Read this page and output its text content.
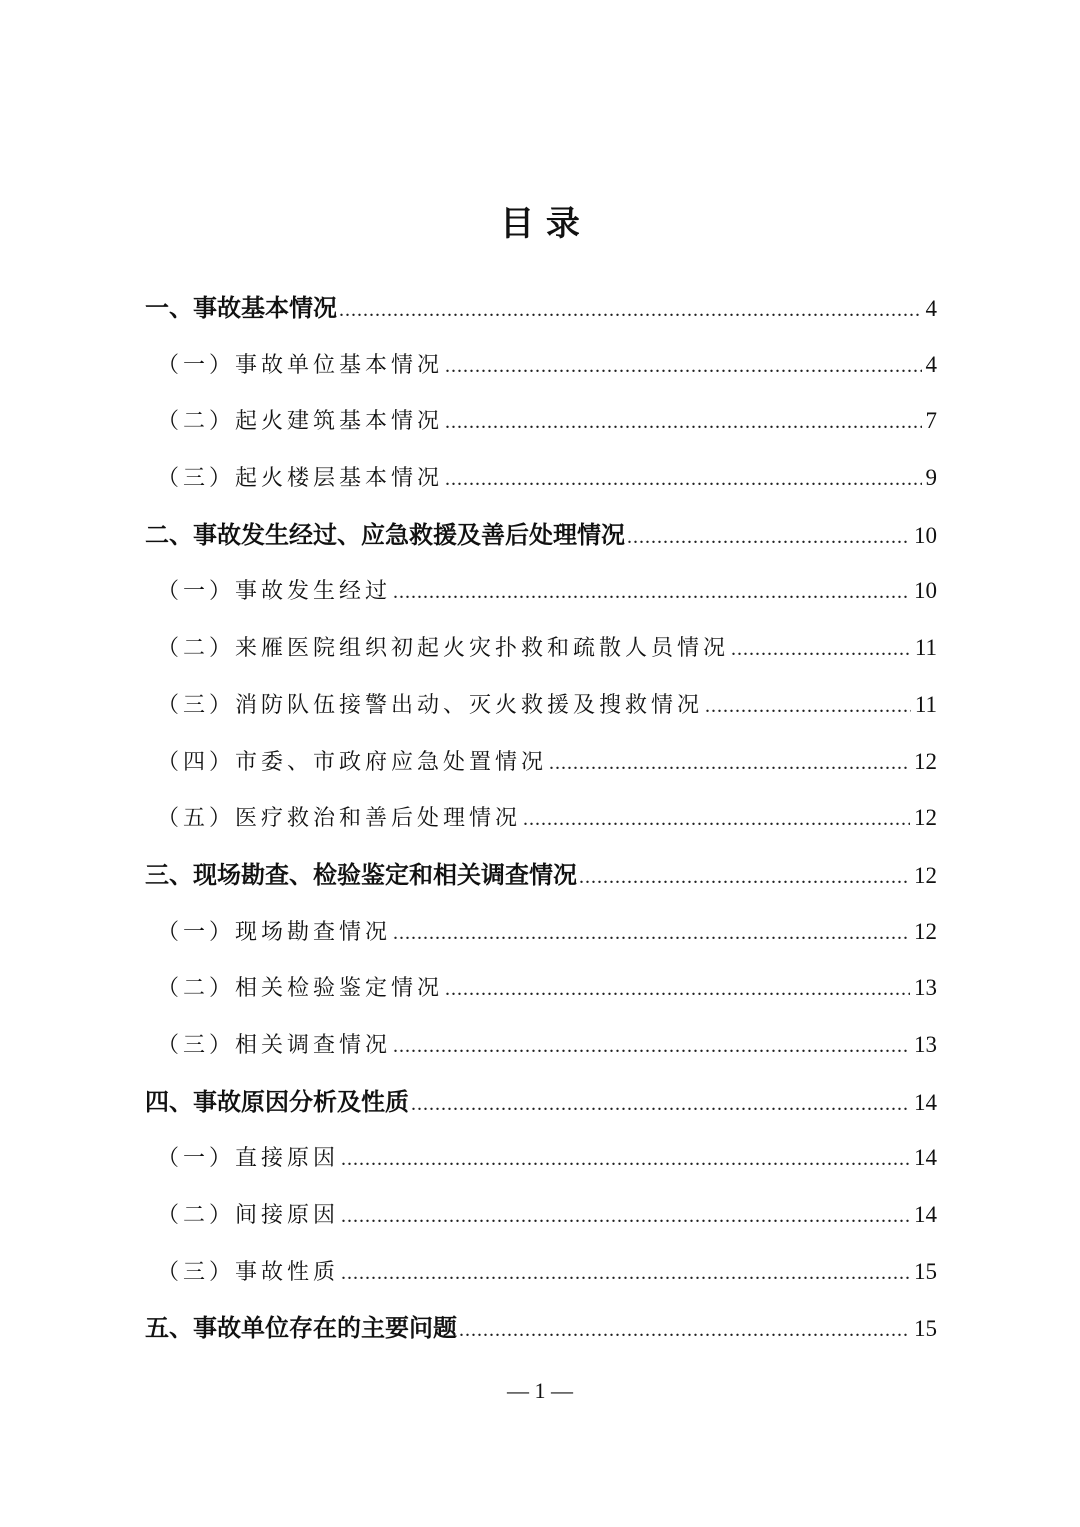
目 录
一、事故基本情况 .....	4
（一）事故单位基本情况 .....	4
（二）起火建筑基本情况 .....	7
（三）起火楼层基本情况 .....	9
二、事故发生经过、应急救援及善后处理情况 .....	10
（一）事故发生经过 .....	10
（二）来雁医院组织初起火灾扑救和疏散人员情况 .....	11
（三）消防队伍接警出动、灭火救援及搜救情况 .....	11
（四）市委、市政府应急处置情况 .....	12
（五）医疗救治和善后处理情况 .....	12
三、现场勘查、检验鉴定和相关调查情况 .....	12
（一）现场勘查情况 .....	12
（二）相关检验鉴定情况 .....	13
（三）相关调查情况 .....	13
四、事故原因分析及性质 .....	14
（一）直接原因 .....	14
（二）间接原因 .....	14
（三）事故性质 .....	15
五、事故单位存在的主要问题 .....	15
— 1 —
